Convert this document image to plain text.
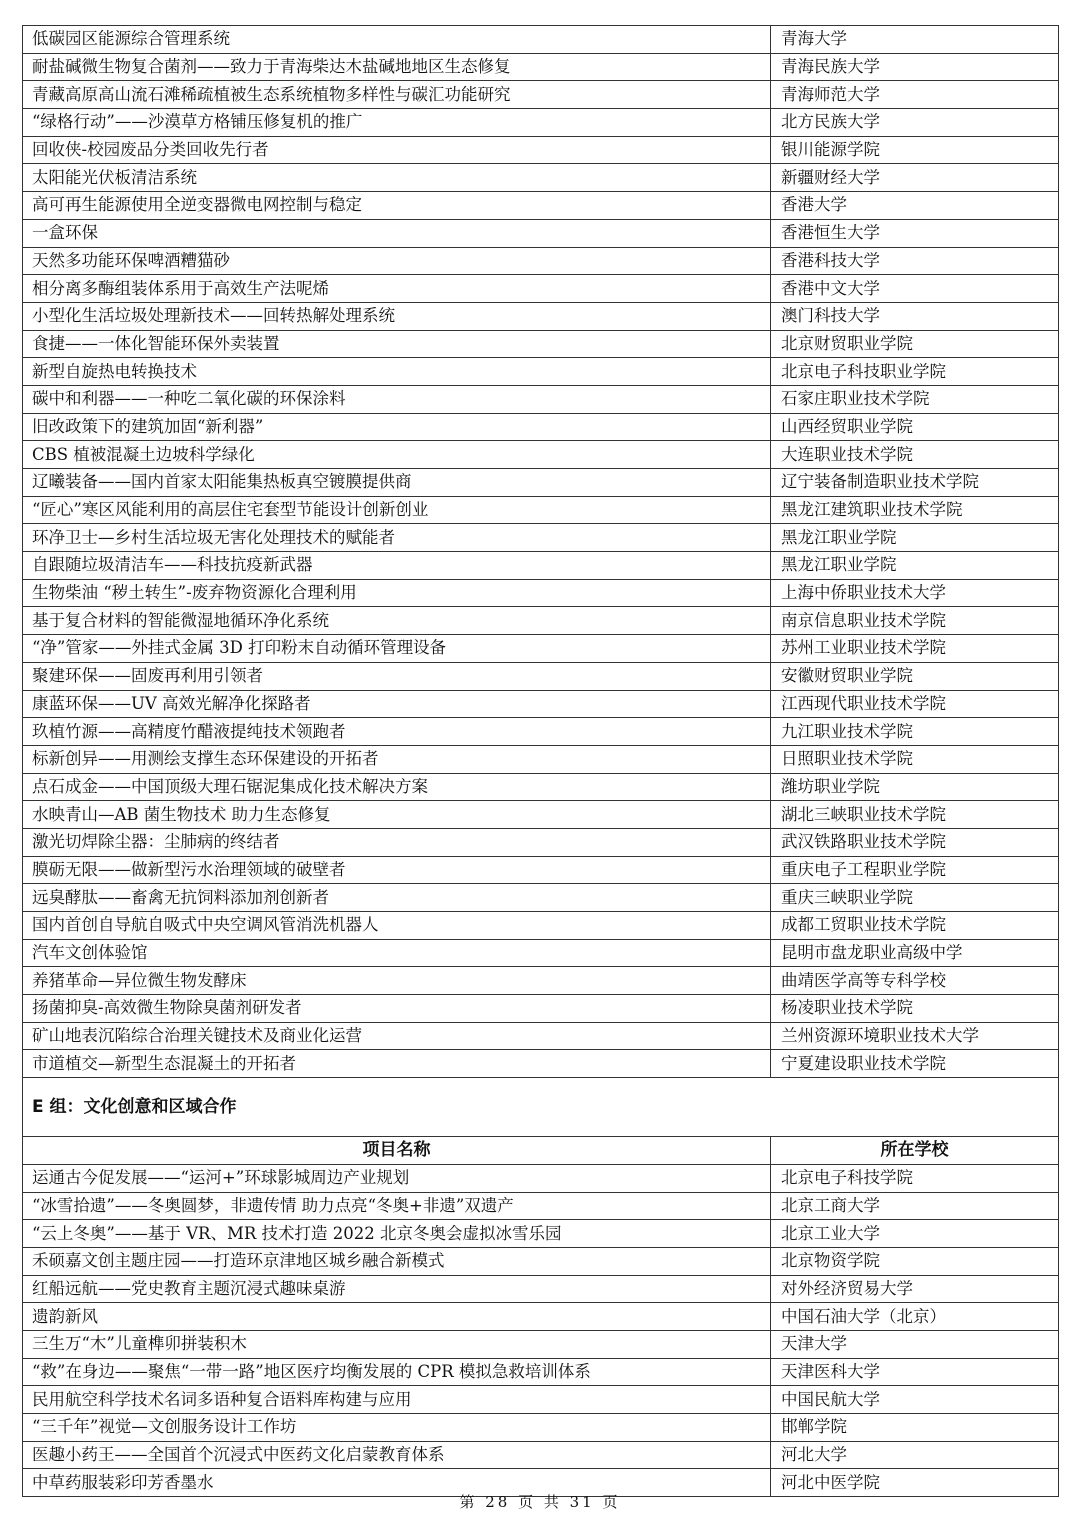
低碳园区能源综合管理系统	青海大学
耐盐碱微生物复合菌剂——致力于青海柴达木盐碱地地区生态修复	青海民族大学
青藏高原高山流石滩稀疏植被生态系统植物多样性与碳汇功能研究	青海师范大学
“绿格行动”——沙漠草方格铺压修复机的推广	北方民族大学
回收侠-校园废品分类回收先行者	银川能源学院
太阳能光伏板清洁系统	新疆财经大学
高可再生能源使用全逆变器微电网控制与稳定	香港大学
一盒环保	香港恒生大学
天然多功能环保啤酒糟猫砂	香港科技大学
相分离多酶组装体系用于高效生产法呢烯	香港中文大学
小型化生活垃圾处理新技术——回转热解处理系统	澳门科技大学
食捷——一体化智能环保外卖装置	北京财贸职业学院
新型自旋热电转换技术	北京电子科技职业学院
碳中和利器——一种吃二氧化碳的环保涂料	石家庄职业技术学院
旧改政策下的建筑加固“新利器”	山西经贸职业学院
CBS 植被混凝土边坡科学绿化	大连职业技术学院
辽曦装备——国内首家太阳能集热板真空镀膜提供商	辽宁装备制造职业技术学院
“匠心”寒区风能利用的高层住宅套型节能设计创新创业	黑龙江建筑职业技术学院
环净卫士—乡村生活垃圾无害化处理技术的赋能者	黑龙江职业学院
自跟随垃圾清洁车——科技抗疫新武器	黑龙江职业学院
生物柴油 “秽土转生”-废弃物资源化合理利用	上海中侨职业技术大学
基于复合材料的智能微湿地循环净化系统	南京信息职业技术学院
“净”管家——外挂式金属 3D 打印粉末自动循环管理设备	苏州工业职业技术学院
聚建环保——固废再利用引领者	安徽财贸职业学院
康蓝环保——UV 高效光解净化探路者	江西现代职业技术学院
玖植竹源——高精度竹醋液提纯技术领跑者	九江职业技术学院
标新创异——用测绘支撑生态环保建设的开拓者	日照职业技术学院
点石成金——中国顶级大理石锯泥集成化技术解决方案	潍坊职业学院
水映青山—AB 菌生物技术 助力生态修复	湖北三峡职业技术学院
激光切焊除尘器：尘肺病的终结者	武汉铁路职业技术学院
膜砺无限——做新型污水治理领域的破壁者	重庆电子工程职业学院
远臭酵肽——畜禽无抗饲料添加剂创新者	重庆三峡职业学院
国内首创自导航自吸式中央空调风管消洗机器人	成都工贸职业技术学院
汽车文创体验馆	昆明市盘龙职业高级中学
养猪革命—异位微生物发酵床	曲靖医学高等专科学校
扬菌抑臭-高效微生物除臭菌剂研发者	杨凌职业技术学院
矿山地表沉陷综合治理关键技术及商业化运营	兰州资源环境职业技术大学
市道植交—新型生态混凝土的开拓者	宁夏建设职业技术学院
E 组：文化创意和区域合作	
项目名称	所在学校
运通古今促发展——“运河+”环球影城周边产业规划	北京电子科技学院
“冰雪拾遗”——冬奥圆梦，非遗传情 助力点亮“冬奥+非遗”双遗产	北京工商大学
“云上冬奥”——基于 VR、MR 技术打造 2022 北京冬奥会虚拟冰雪乐园	北京工业大学
禾硕嘉文创主题庄园——打造环京津地区城乡融合新模式	北京物资学院
红船远航——党史教育主题沉浸式趣味桌游	对外经济贸易大学
遗韵新风	中国石油大学（北京）
三生万“木”儿童榫卯拼装积木	天津大学
“救”在身边——聚焦“一带一路”地区医疗均衡发展的 CPR 模拟急救培训体系	天津医科大学
民用航空科学技术名词多语种复合语料库构建与应用	中国民航大学
“三千年”视觉—文创服务设计工作坊	邯郸学院
医趣小药王——全国首个沉浸式中医药文化启蒙教育体系	河北大学
中草药服装彩印芳香墨水	河北中医学院
第 28 页 共 31 页
